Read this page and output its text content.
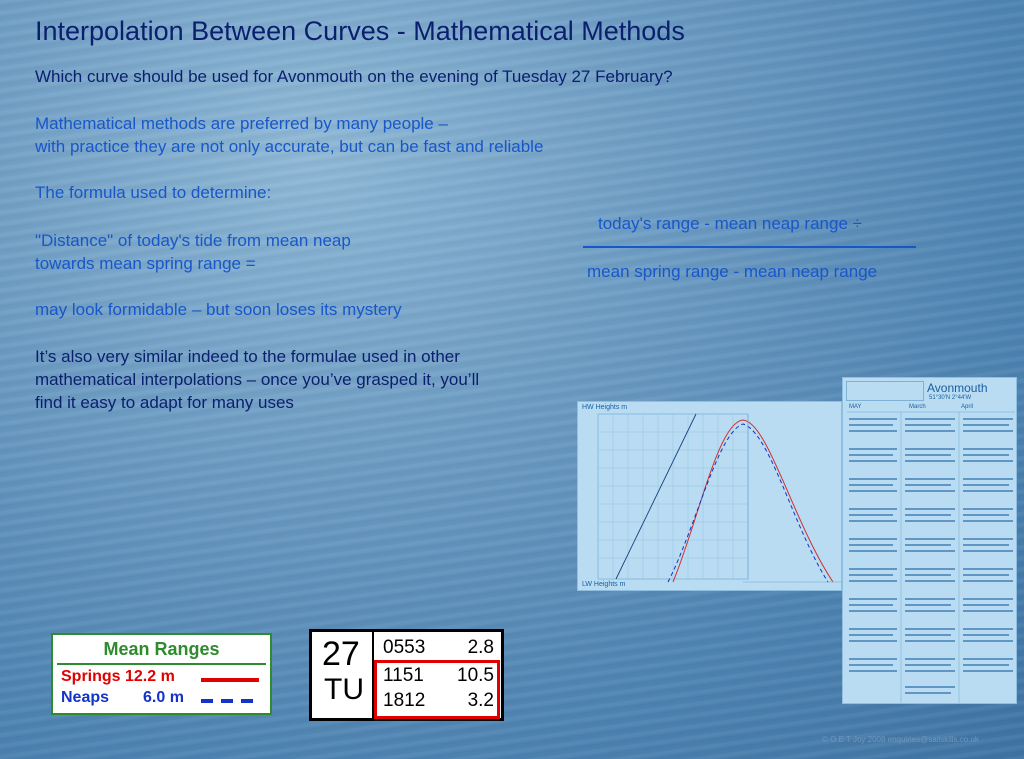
Interpolation Between Curves - Mathematical Methods
Which curve should be used for Avonmouth on the evening of Tuesday 27 February?
Mathematical methods are preferred by many people –
with practice they are not only accurate, but can be fast and reliable
The formula used to determine:
"Distance" of today's tide from mean neap
towards mean spring range =
may look formidable – but soon loses its mystery
It’s also very similar indeed to the formulae used in other
mathematical interpolations – once you’ve grasped it, you’ll
find it easy to adapt for many uses
today's range - mean neap range ÷
mean spring range - mean neap range
HW Heights m
LW Heights m
Avonmouth
51°30'N 2°44'W
MAY	March	April
Mean Ranges
Springs 12.2 m
Neaps 6.0 m
27
TU
0553	2.8
1151	10.5
1812	3.2
© O E T Joy 2008 enquiries@sailskills.co.uk
